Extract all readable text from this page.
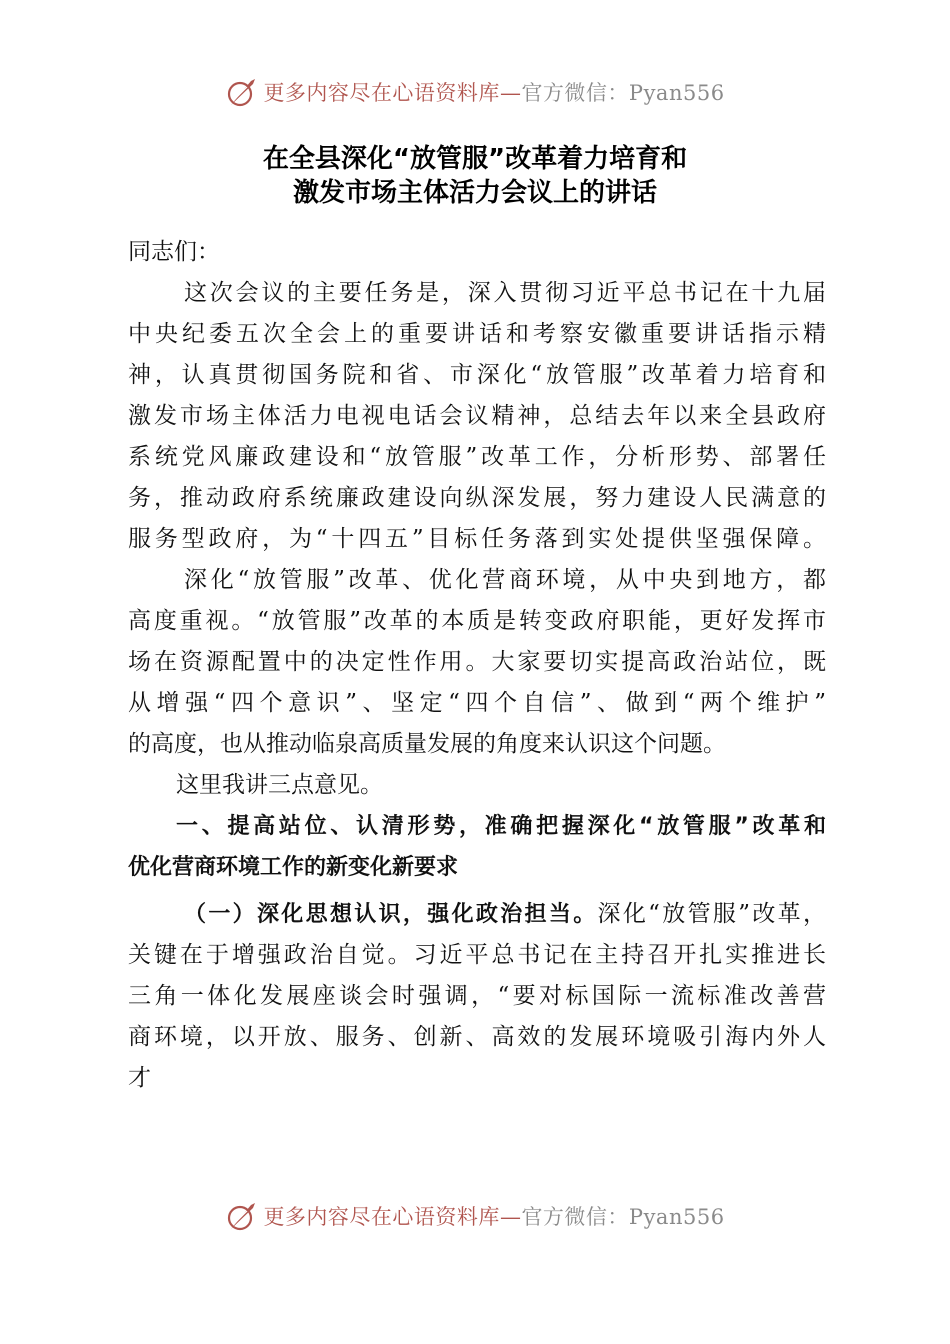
更多内容尽在心语资料库—官方微信：Pyan556
在全县深化“放管服”改革着力培育和
激发市场主体活力会议上的讲话
同志们：
这次会议的主要任务是，深入贯彻习近平总书记在十九届
中央纪委五次全会上的重要讲话和考察安徽重要讲话指示精
神，认真贯彻国务院和省、市深化“放管服”改革着力培育和
激发市场主体活力电视电话会议精神，总结去年以来全县政府
系统党风廉政建设和“放管服”改革工作，分析形势、部署任
务，推动政府系统廉政建设向纵深发展，努力建设人民满意的
服务型政府，为“十四五”目标任务落到实处提供坚强保障。
深化“放管服”改革、优化营商环境，从中央到地方，都
高度重视。“放管服”改革的本质是转变政府职能，更好发挥市
场在资源配置中的决定性作用。大家要切实提高政治站位，既
从增强“四个意识”、坚定“四个自信”、做到“两个维护”
的高度，也从推动临泉高质量发展的角度来认识这个问题。
这里我讲三点意见。
一、提高站位、认清形势，准确把握深化“放管服”改革和
优化营商环境工作的新变化新要求
（一）深化思想认识，强化政治担当。深化“放管服”改革，
关键在于增强政治自觉。习近平总书记在主持召开扎实推进长
三角一体化发展座谈会时强调，“要对标国际一流标准改善营
商环境，以开放、服务、创新、高效的发展环境吸引海内外人
才
更多内容尽在心语资料库—官方微信：Pyan556
